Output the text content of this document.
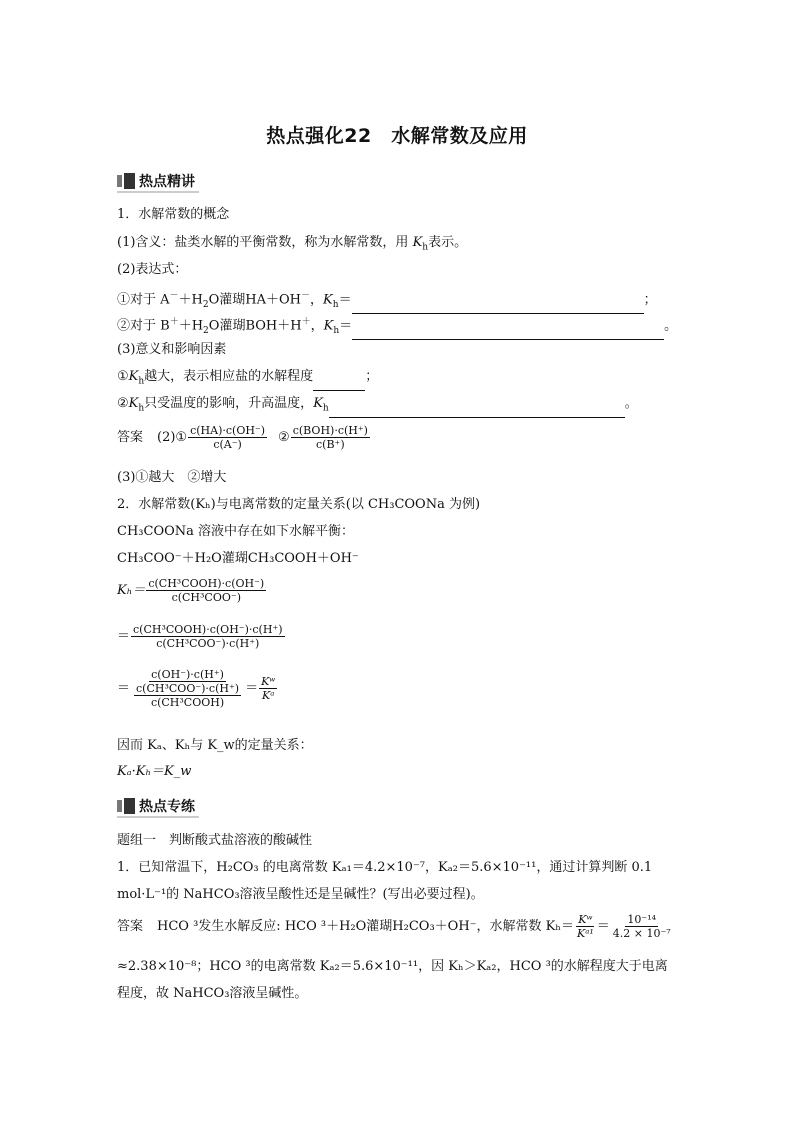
热点强化22　水解常数及应用
热点精讲
1．水解常数的概念
(1)含义：盐类水解的平衡常数，称为水解常数，用 $K_h$表示。
(2)表达式：
①对于 $A^-+H_2O$灌瑚HA＋OH－，$K_h=$	；
②对于 $B^++H_2O$灌瑚BOH＋H＋，$K_h=$	。
(3)意义和影响因素
$①K_h$越大，表示相应盐的水解程度	；
$②K_h$只受温度的影响，升高温度，$K_h$	。
答案 (2)① $\frac{c(HA)\cdot c(OH^-)}{c(A^-)}$ ② $\frac{\text{c(BOH)·c(H⁺)}}{c(B^+)}$
(3)①越大　②增大
2．水解常数(Kₕ)与电离常数的定量关系(以 CH₃COONa 为例)
CH₃COONa 溶液中存在如下水解平衡：
CH₃COO⁻＋H₂O灌瑚CH₃COOH＋OH⁻
$K_h= \frac{\text{c(CH³COOH)·c(OH⁻)}}{\text{c(CH³COO⁻)}}$
＝ $\frac{\text{c(CH³COOH)·c(OH⁻)·c(H⁺)}}{\text{c(CH³COO⁻)·c(H⁺)}}$
＝ $\frac{c(OH^-)\cdot c(H^+)}{\frac{\text{c(CH³COO⁻)·c(H⁺)}}{\text{c(CH³COOH)}}} = \frac{\text{Kʷ}}{\text{Kᵃ}}$
因而 Kₐ、Kₕ与 K_w的定量关系：
Kₐ·Kₕ＝K_w
热点专练
题组一　判断酸式盐溶液的酸碱性
1．已知常温下，H₂CO₃ 的电离常数 Kₐ₁＝4.2×10⁻⁷，Kₐ₂＝5.6×10⁻¹¹，通过计算判断 0.1
mol·L⁻¹的 NaHCO₃溶液呈酸性还是呈碱性？(写出必要过程)。
答案 HCO ³发生水解反应: HCO ³＋H₂O灌瑚H₂CO₃＋OH⁻，水解常数 $K_h= \frac{\text{Kʷ}}{\text{Kᵃ¹}} = \frac{\text{10⁻¹⁴}}{\text{4.2 × 10⁻⁷}}$
≈2.38×10⁻⁸；HCO ³的电离常数 Kₐ₂＝5.6×10⁻¹¹，因 Kₕ＞Kₐ₂，HCO ³的水解程度大于电离
程度，故 NaHCO₃溶液呈碱性。
